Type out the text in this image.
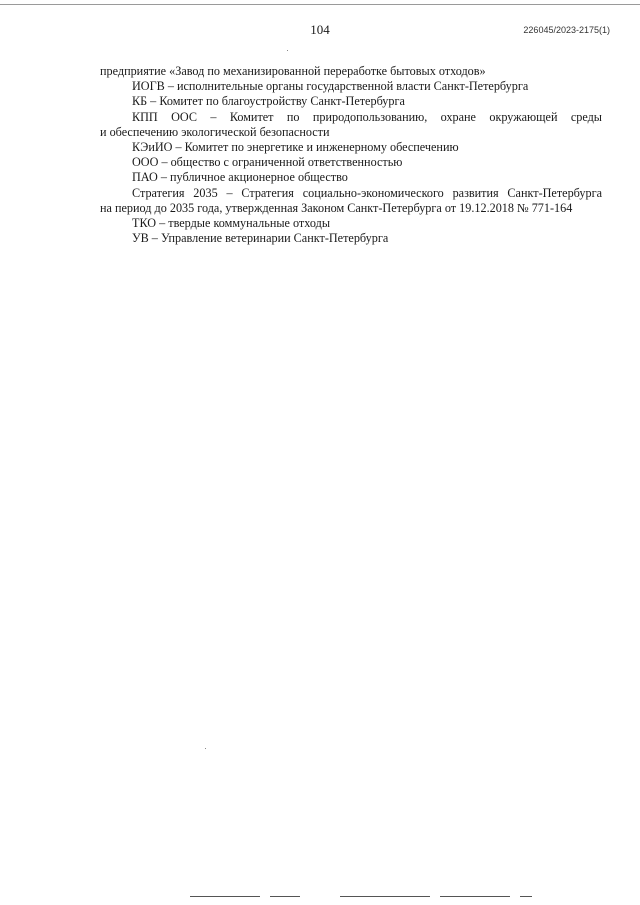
104	226045/2023-2175(1)
предприятие «Завод по механизированной переработке бытовых отходов»
ИОГВ – исполнительные органы государственной власти Санкт-Петербурга
КБ – Комитет по благоустройству Санкт-Петербурга
КПП ООС – Комитет по природопользованию, охране окружающей среды
и обеспечению экологической безопасности
КЭиИО – Комитет по энергетике и инженерному обеспечению
ООО – общество с ограниченной ответственностью
ПАО – публичное акционерное общество
Стратегия 2035 – Стратегия социально-экономического развития Санкт-Петербурга
на период до 2035 года, утвержденная Законом Санкт-Петербурга от 19.12.2018 № 771-164
ТКО – твердые коммунальные отходы
УВ – Управление ветеринарии Санкт-Петербурга
